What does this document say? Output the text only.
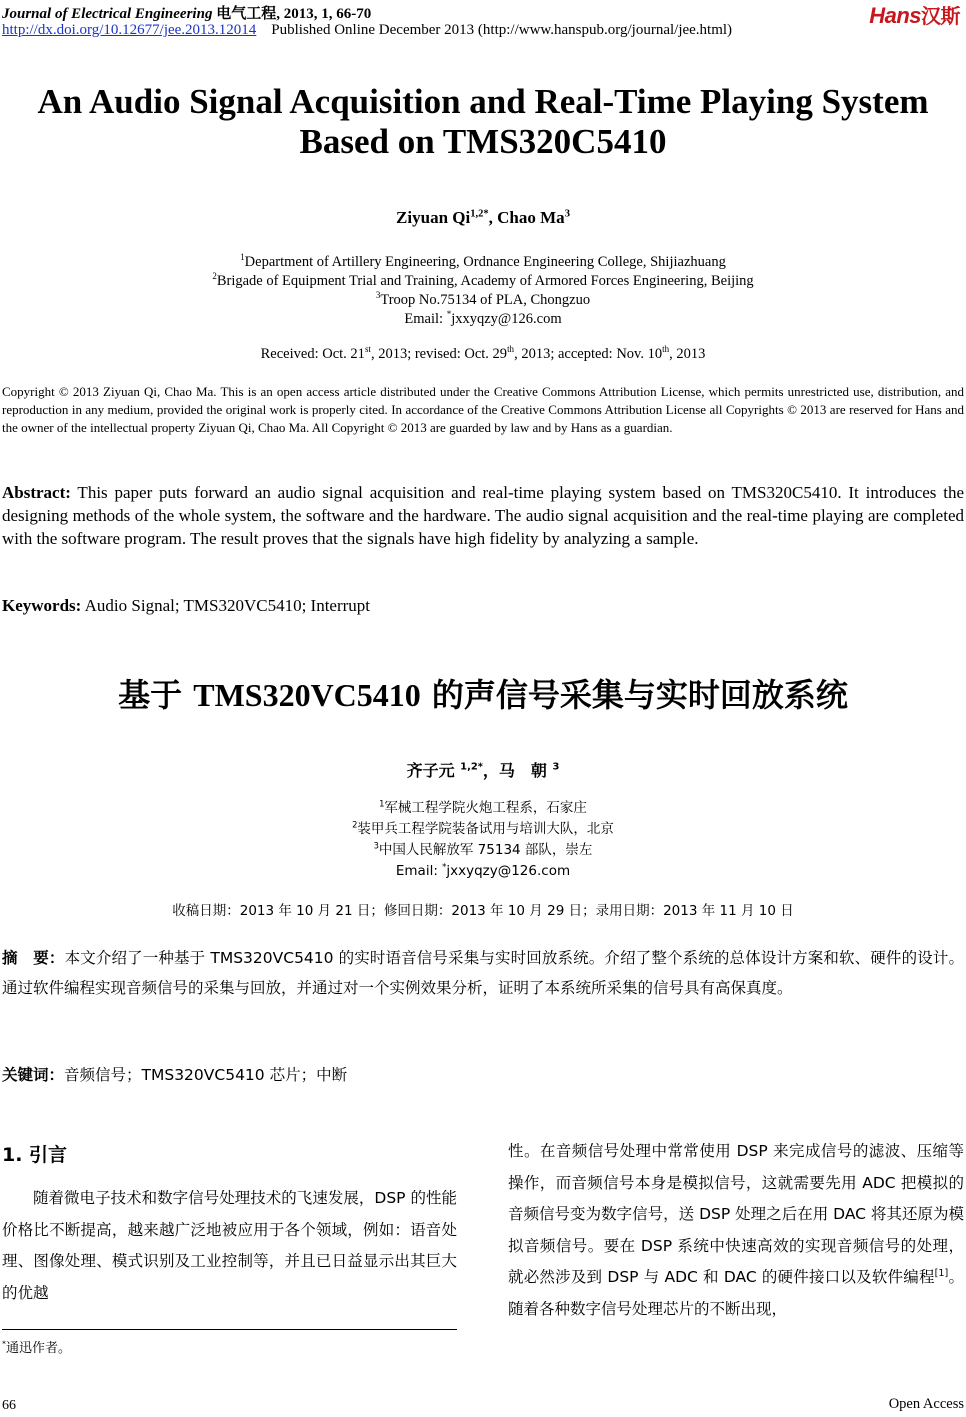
Journal of Electrical Engineering 电气工程, 2013, 1, 66-70
http://dx.doi.org/10.12677/jee.2013.12014 Published Online December 2013 (http://www.hanspub.org/journal/jee.html)
Hans汉斯
An Audio Signal Acquisition and Real-Time Playing System
Based on TMS320C5410
Ziyuan $Qi^{1,2*}$, Chao Ma$^3$
$^1$Department of Artillery Engineering, Ordnance Engineering College, Shijiazhuang
$^2$Brigade of Equipment Trial and Training, Academy of Armored Forces Engineering, Beijing
$^3$Troop No.75134 of PLA, Chongzuo
Email: *jxxyqzy@126.com
Received: Oct. 21st, 2013; revised: Oct. 29th, 2013; accepted: Nov. 10th, 2013
Copyright © 2013 Ziyuan Qi, Chao Ma. This is an open access article distributed under the Creative Commons Attribution License, which permits unrestricted use, distribution, and reproduction in any medium, provided the original work is properly cited. In accordance of the Creative Commons Attribution License all Copyrights © 2013 are reserved for Hans and the owner of the intellectual property Ziyuan Qi, Chao Ma. All Copyright © 2013 are guarded by law and by Hans as a guardian.
Abstract: This paper puts forward an audio signal acquisition and real-time playing system based on TMS320C5410. It introduces the designing methods of the whole system, the software and the hardware. The audio signal acquisition and the real-time playing are completed with the software program. The result proves that the signals have high fidelity by analyzing a sample.
Keywords: Audio Signal; TMS320VC5410; Interrupt
基于 TMS320VC5410 的声信号采集与实时回放系统
齐子元 $^{1,2*}$，马　朝 $^3$
$^1$军械工程学院火炮工程系，石家庄
$^2$装甲兵工程学院装备试用与培训大队，北京
$^3$中国人民解放军 75134 部队，崇左
Email: *jxxyqzy@126.com
收稿日期：2013 年 10 月 21 日；修回日期：2013 年 10 月 29 日；录用日期：2013 年 11 月 10 日
摘　要：本文介绍了一种基于 TMS320VC5410 的实时语音信号采集与实时回放系统。介绍了整个系统的总体设计方案和软、硬件的设计。通过软件编程实现音频信号的采集与回放，并通过对一个实例效果分析，证明了本系统所采集的信号具有高保真度。
关键词：音频信号；TMS320VC5410 芯片；中断
1. 引言
随着微电子技术和数字信号处理技术的飞速发展，DSP 的性能价格比不断提高，越来越广泛地被应用于各个领域，例如：语音处理、图像处理、模式识别及工业控制等，并且已日益显示出其巨大的优越
性。在音频信号处理中常常使用 DSP 来完成信号的滤波、压缩等操作，而音频信号本身是模拟信号，这就需要先用 ADC 把模拟的音频信号变为数字信号，送 DSP 处理之后在用 DAC 将其还原为模拟音频信号。要在 DSP 系统中快速高效的实现音频信号的处理，就必然涉及到 DSP 与 ADC 和 DAC 的硬件接口以及软件编程[1]。随着各种数字信号处理芯片的不断出现，
*通迅作者。
66	Open Access
